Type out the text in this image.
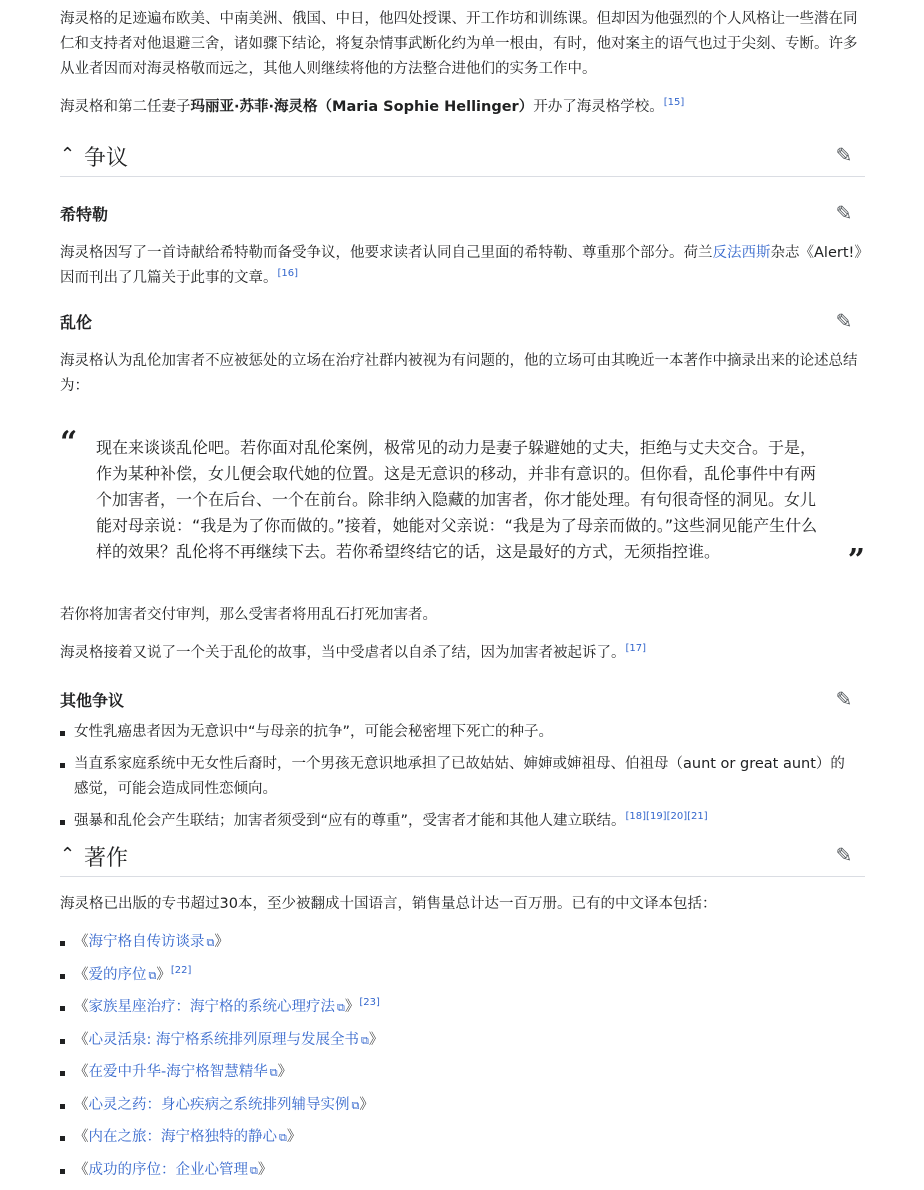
海灵格的足迹遍布欧美、中南美洲、俄国、中日，他四处授课、开工作坊和训练课。但却因为他强烈的个人风格让一些潜在同仁和支持者对他退避三舍，诸如骤下结论，将复杂情事武断化约为单一根由，有时，他对案主的语气也过于尖刻、专断。许多从业者因而对海灵格敬而远之，其他人则继续将他的方法整合进他们的实务工作中。

海灵格和第二任妻子玛丽亚·苏菲·海灵格（Maria Sophie Hellinger）开办了海灵格学校。[15]

⌃ 争议	✎
希特勒	✎

海灵格因写了一首诗献给希特勒而备受争议，他要求读者认同自己里面的希特勒、尊重那个部分。荷兰反法西斯杂志《Alert!》因而刊出了几篇关于此事的文章。[16]

乱伦	✎

海灵格认为乱伦加害者不应被惩处的立场在治疗社群内被视为有问题的，他的立场可由其晚近一本著作中摘录出来的论述总结为：

“ 现在来谈谈乱伦吧。若你面对乱伦案例，极常见的动力是妻子躲避她的丈夫，拒绝与丈夫交合。于是，作为某种补偿，女儿便会取代她的位置。这是无意识的移动，并非有意识的。但你看，乱伦事件中有两个加害者，一个在后台、一个在前台。除非纳入隐藏的加害者，你才能处理。有句很奇怪的洞见。女儿能对母亲说：“我是为了你而做的。”接着，她能对父亲说：“我是为了母亲而做的。”这些洞见能产生什么样的效果？乱伦将不再继续下去。若你希望终结它的话，这是最好的方式，无须指控谁。	”

若你将加害者交付审判，那么受害者将用乱石打死加害者。

海灵格接着又说了一个关于乱伦的故事，当中受虐者以自杀了结，因为加害者被起诉了。[17]

其他争议	✎
女性乳癌患者因为无意识中“与母亲的抗争”，可能会秘密埋下死亡的种子。
当直系家庭系统中无女性后裔时，一个男孩无意识地承担了已故姑姑、婶婶或婶祖母、伯祖母（aunt or great aunt）的感觉，可能会造成同性恋倾向。
强暴和乱伦会产生联结；加害者须受到“应有的尊重”，受害者才能和其他人建立联结。[18][19][20][21]
⌃ 著作	✎

海灵格已出版的专书超过30本，至少被翻成十国语言，销售量总计达一百万册。已有的中文译本包括：

《海宁格自传访谈录 ⧉》
《爱的序位 ⧉》[22]
《家族星座治疗：海宁格的系统心理疗法 ⧉》[23]
《心灵活泉: 海宁格系统排列原理与发展全书 ⧉》
《在爱中升华-海宁格智慧精华 ⧉》
《心灵之药：身心疾病之系统排列辅导实例 ⧉》
《内在之旅：海宁格独特的静心 ⧉》
《成功的序位：企业心管理 ⧉》
